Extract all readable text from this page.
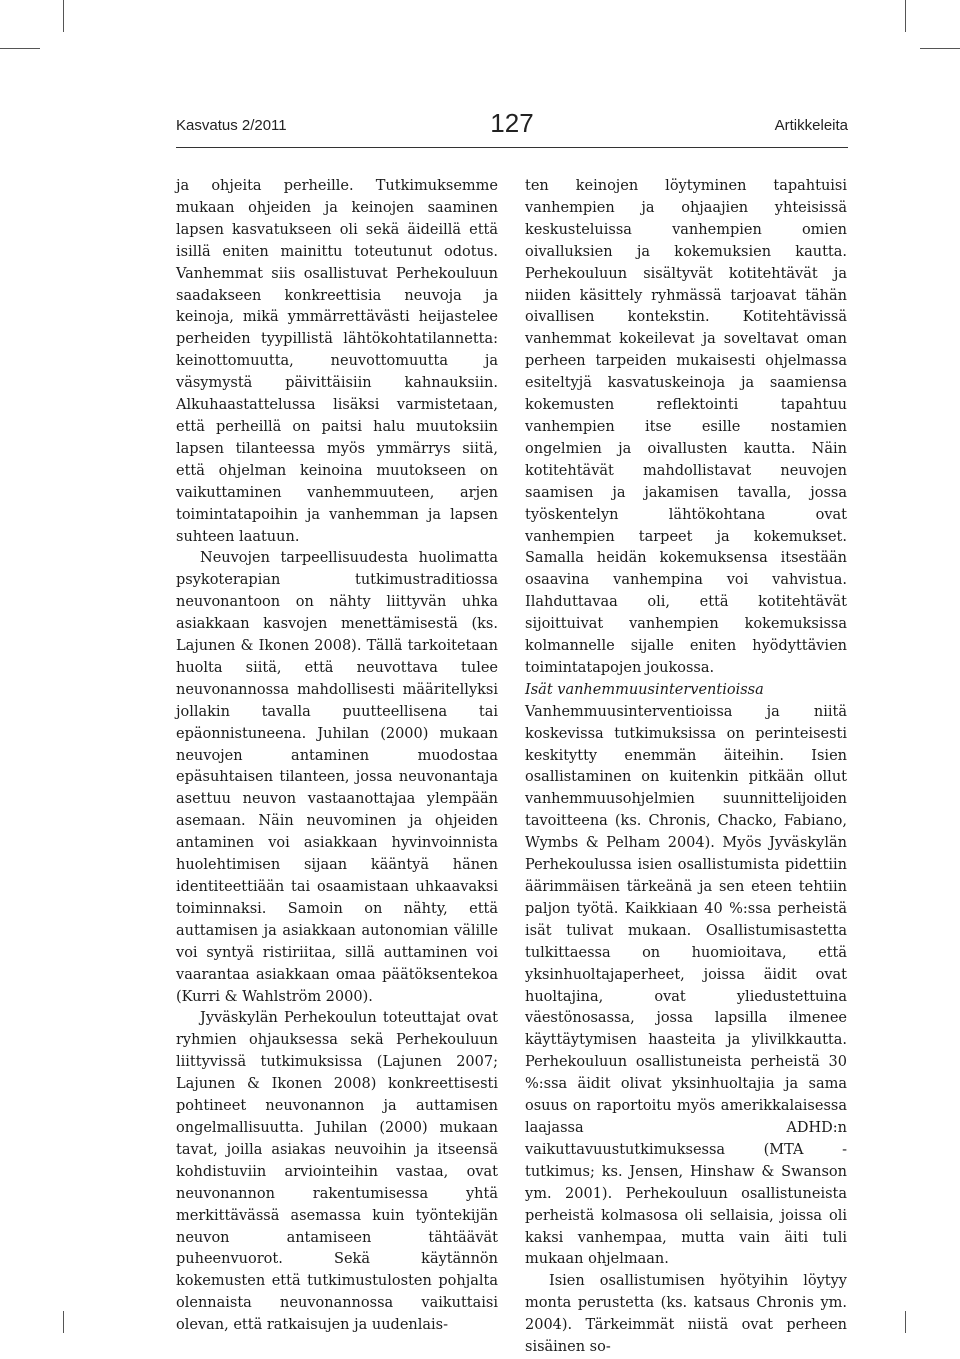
Kasvatus 2/2011	127	Artikkeleita

ja ohjeita perheille. Tutkimuksemme mukaan ohjeiden ja keinojen saaminen lapsen kasvatukseen oli sekä äideillä että isillä eniten mainittu toteutunut odotus. Vanhemmat siis osallistuvat Perhekouluun saadakseen konkreettisia neuvoja ja keinoja, mikä ymmärrettävästi heijastelee perheiden tyypillistä lähtökohtatilannetta: keinottomuutta, neuvottomuutta ja väsymystä päivittäisiin kahnauksiin. Alkuhaastattelussa lisäksi varmistetaan, että perheillä on paitsi halu muutoksiin lapsen tilanteessa myös ymmärrys siitä, että ohjelman keinoina muutokseen on vaikuttaminen vanhemmuuteen, arjen toimintatapoihin ja vanhemman ja lapsen suhteen laatuun.

Neuvojen tarpeellisuudesta huolimatta psykoterapian tutkimustraditiossa neuvonantoon on nähty liittyvän uhka asiakkaan kasvojen menettämisestä (ks. Lajunen & Ikonen 2008). Tällä tarkoitetaan huolta siitä, että neuvottava tulee neuvonannossa mahdollisesti määritellyksi jollakin tavalla puutteellisena tai epäonnistuneena. Juhilan (2000) mukaan neuvojen antaminen muodostaa epäsuhtaisen tilanteen, jossa neuvonantaja asettuu neuvon vastaanottajaa ylempään asemaan. Näin neuvominen ja ohjeiden antaminen voi asiakkaan hyvinvoinnista huolehtimisen sijaan kääntyä hänen identiteettiään tai osaamistaan uhkaavaksi toiminnaksi. Samoin on nähty, että auttamisen ja asiakkaan autonomian välille voi syntyä ristiriitaa, sillä auttaminen voi vaarantaa asiakkaan omaa päätöksentekoa (Kurri & Wahlström 2000).

Jyväskylän Perhekoulun toteuttajat ovat ryhmien ohjauksessa sekä Perhekouluun liittyvissä tutkimuksissa (Lajunen 2007; Lajunen & Ikonen 2008) konkreettisesti pohtineet neuvonannon ja auttamisen ongelmallisuutta. Juhilan (2000) mukaan tavat, joilla asiakas neuvoihin ja itseensä kohdistuviin arviointeihin vastaa, ovat neuvonannon rakentumisessa yhtä merkittävässä asemassa kuin työntekijän neuvon antamiseen tähtäävät puheenvuorot. Sekä käytännön kokemusten että tutkimustulosten pohjalta olennaista neuvonannossa vaikuttaisi olevan, että ratkaisujen ja uudenlais-

ten keinojen löytyminen tapahtuisi vanhempien ja ohjaajien yhteisissä keskusteluissa vanhempien omien oivalluksien ja kokemuksien kautta. Perhekouluun sisältyvät kotitehtävät ja niiden käsittely ryhmässä tarjoavat tähän oivallisen kontekstin. Kotitehtävissä vanhemmat kokeilevat ja soveltavat oman perheen tarpeiden mukaisesti ohjelmassa esiteltyjä kasvatuskeinoja ja saamiensa kokemusten reflektointi tapahtuu vanhempien itse esille nostamien ongelmien ja oivallusten kautta. Näin kotitehtävät mahdollistavat neuvojen saamisen ja jakamisen tavalla, jossa työskentelyn lähtökohtana ovat vanhempien tarpeet ja kokemukset. Samalla heidän kokemuksensa itsestään osaavina vanhempina voi vahvistua. Ilahduttavaa oli, että kotitehtävät sijoittuivat vanhempien kokemuksissa kolmannelle sijalle eniten hyödyttävien toimintatapojen joukossa.

Isät vanhemmuusinterventioissa

Vanhemmuusinterventioissa ja niitä koskevissa tutkimuksissa on perinteisesti keskitytty enemmän äiteihin. Isien osallistaminen on kuitenkin pitkään ollut vanhemmuusohjelmien suunnittelijoiden tavoitteena (ks. Chronis, Chacko, Fabiano, Wymbs & Pelham 2004). Myös Jyväskylän Perhekoulussa isien osallistumista pidettiin äärimmäisen tärkeänä ja sen eteen tehtiin paljon työtä. Kaikkiaan 40 %:ssa perheistä isät tulivat mukaan. Osallistumisastetta tulkittaessa on huomioitava, että yksinhuoltajaperheet, joissa äidit ovat huoltajina, ovat yliedustettuina väestönosassa, jossa lapsilla ilmenee käyttäytymisen haasteita ja ylivilkkautta. Perhekouluun osallistuneista perheistä 30 %:ssa äidit olivat yksinhuoltajia ja sama osuus on raportoitu myös amerikkalaisessa laajassa ADHD:n vaikuttavuustutkimuksessa (MTA -tutkimus; ks. Jensen, Hinshaw & Swanson ym. 2001). Perhekouluun osallistuneista perheistä kolmasosa oli sellaisia, joissa oli kaksi vanhempaa, mutta vain äiti tuli mukaan ohjelmaan.

Isien osallistumisen hyötyihin löytyy monta perustetta (ks. katsaus Chronis ym. 2004). Tärkeimmät niistä ovat perheen sisäinen so-
